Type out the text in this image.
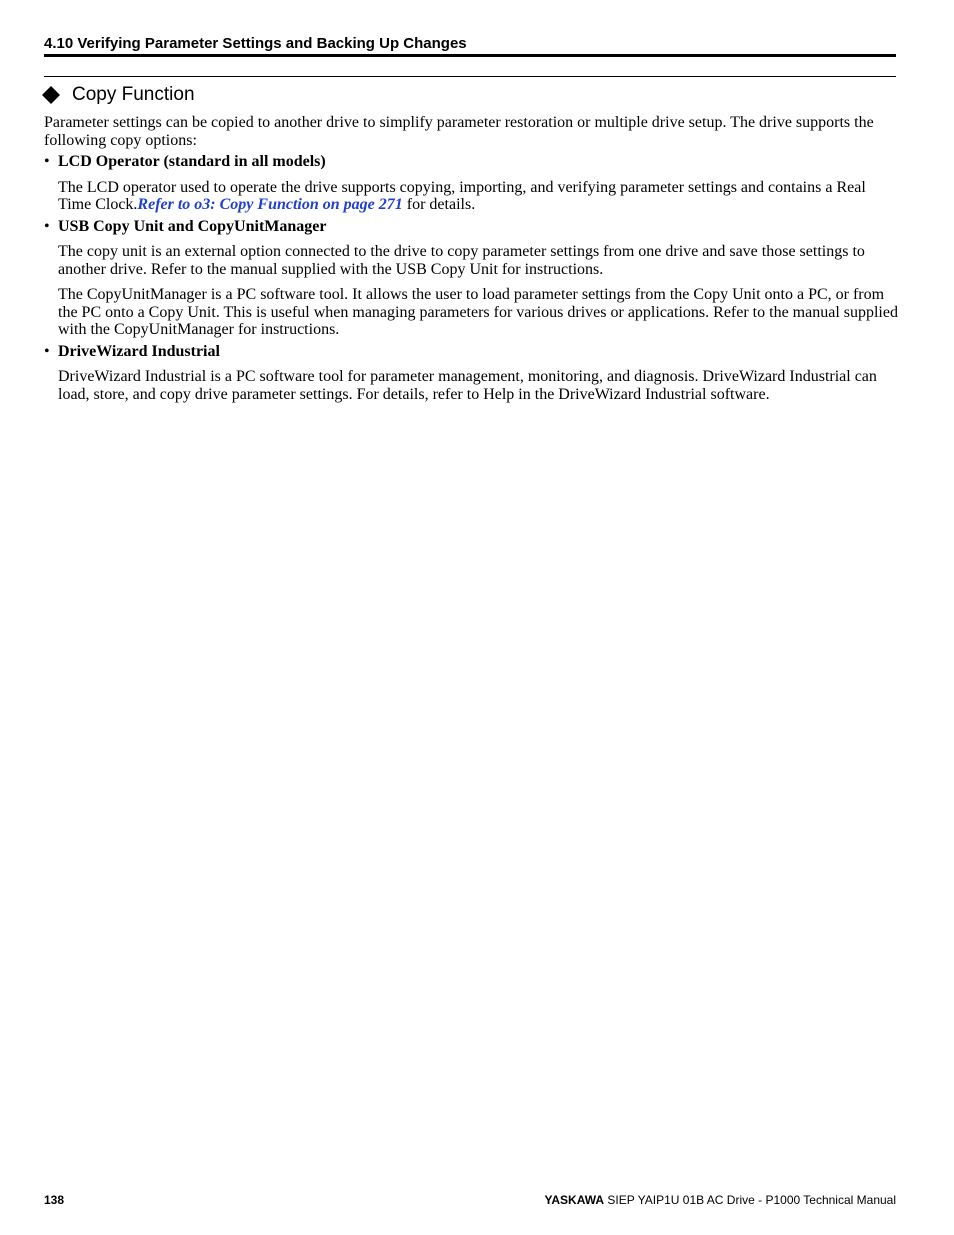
4.10 Verifying Parameter Settings and Backing Up Changes
Copy Function

Parameter settings can be copied to another drive to simplify parameter restoration or multiple drive setup. The drive supports the following copy options:

• LCD Operator (standard in all models)

The LCD operator used to operate the drive supports copying, importing, and verifying parameter settings and contains a Real Time Clock.Refer to o3: Copy Function on page 271 for details.

• USB Copy Unit and CopyUnitManager

The copy unit is an external option connected to the drive to copy parameter settings from one drive and save those settings to another drive. Refer to the manual supplied with the USB Copy Unit for instructions.

The CopyUnitManager is a PC software tool. It allows the user to load parameter settings from the Copy Unit onto a PC, or from the PC onto a Copy Unit. This is useful when managing parameters for various drives or applications. Refer to the manual supplied with the CopyUnitManager for instructions.

• DriveWizard Industrial

DriveWizard Industrial is a PC software tool for parameter management, monitoring, and diagnosis. DriveWizard Industrial can load, store, and copy drive parameter settings. For details, refer to Help in the DriveWizard Industrial software.

138	YASKAWA SIEP YAIP1U 01B AC Drive - P1000 Technical Manual
